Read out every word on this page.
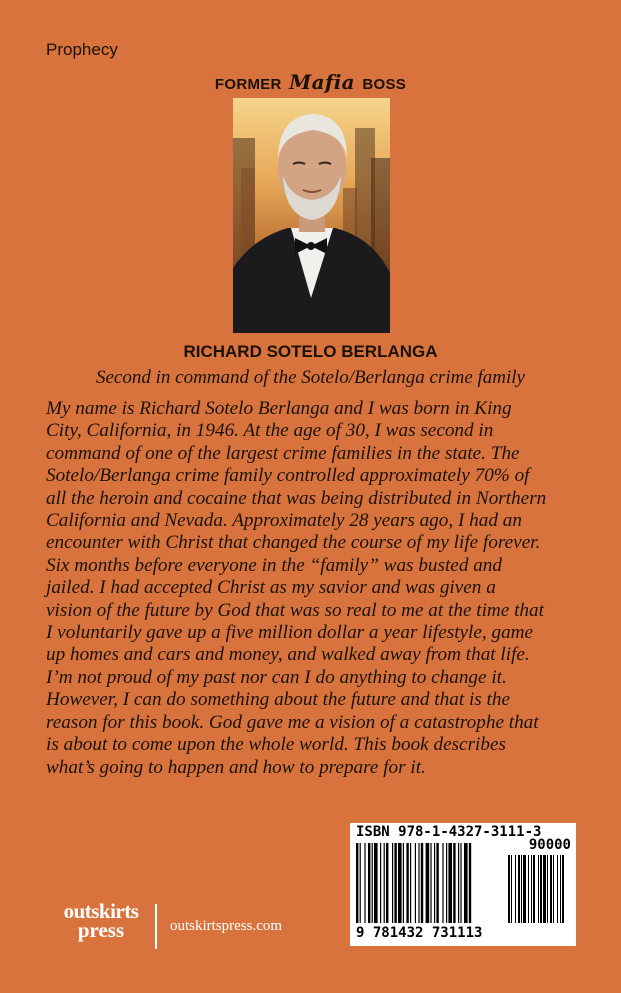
Prophecy
FORMER Mafia BOSS
RICHARD SOTELO BERLANGA
Second in command of the Sotelo/Berlanga crime family
My name is Richard Sotelo Berlanga and I was born in King
City, California, in 1946. At the age of 30, I was second in
command of one of the largest crime families in the state. The
Sotelo/Berlanga crime family controlled approximately 70% of
all the heroin and cocaine that was being distributed in Northern
California and Nevada. Approximately 28 years ago, I had an
encounter with Christ that changed the course of my life forever.
Six months before everyone in the “family” was busted and
jailed. I had accepted Christ as my savior and was given a
vision of the future by God that was so real to me at the time that
I voluntarily gave up a five million dollar a year lifestyle, game
up homes and cars and money, and walked away from that life.
I’m not proud of my past nor can I do anything to change it.
However, I can do something about the future and that is the
reason for this book. God gave me a vision of a catastrophe that
is about to come upon the whole world. This book describes
what’s going to happen and how to prepare for it.
ISBN 978-1-4327-3111-3
90000
9 781432 731113
outskirts
press	outskirtspress.com
